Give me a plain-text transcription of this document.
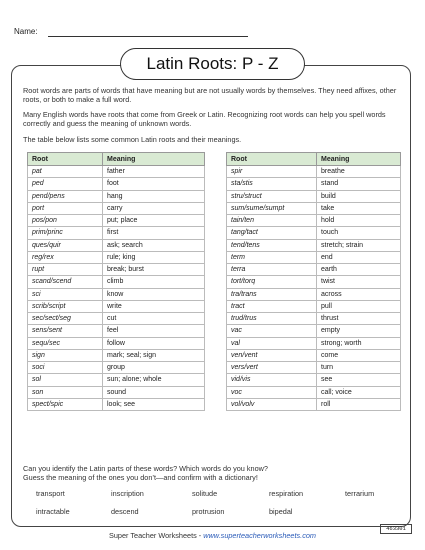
Name:
Latin Roots: P - Z
Root words are parts of words that have meaning but are not usually words by themselves. They need affixes, other roots, or both to make a full word.
Many English words have roots that come from Greek or Latin. Recognizing root words can help you spell words correctly and guess the meaning of unknown words.
The table below lists some common Latin roots and their meanings.
Root	Meaning
pat	father
ped	foot
pend/pens	hang
port	carry
pos/pon	put; place
prim/princ	first
ques/quir	ask; search
reg/rex	rule; king
rupt	break; burst
scand/scend	climb
sci	know
scrib/script	write
sec/sect/seg	cut
sens/sent	feel
sequ/sec	follow
sign	mark; seal; sign
soci	group
sol	sun; alone; whole
son	sound
spect/spic	look; see
Root	Meaning
spir	breathe
sta/stis	stand
stru/struct	build
sum/sume/sumpt	take
tain/ten	hold
tang/tact	touch
tend/tens	stretch; strain
term	end
terra	earth
tort/torq	twist
tra/trans	across
tract	pull
trud/trus	thrust
vac	empty
val	strong; worth
ven/vent	come
vers/vert	turn
vid/vis	see
voc	call; voice
vol/volv	roll
Can you identify the Latin parts of these words? Which words do you know?
Guess the meaning of the ones you don’t—and confirm with a dictionary!
transport	inscription	solitude	respiration	terrarium
intractable	descend	protrusion	bipedal
Super Teacher Worksheets - www.superteacherworksheets.com
463301
